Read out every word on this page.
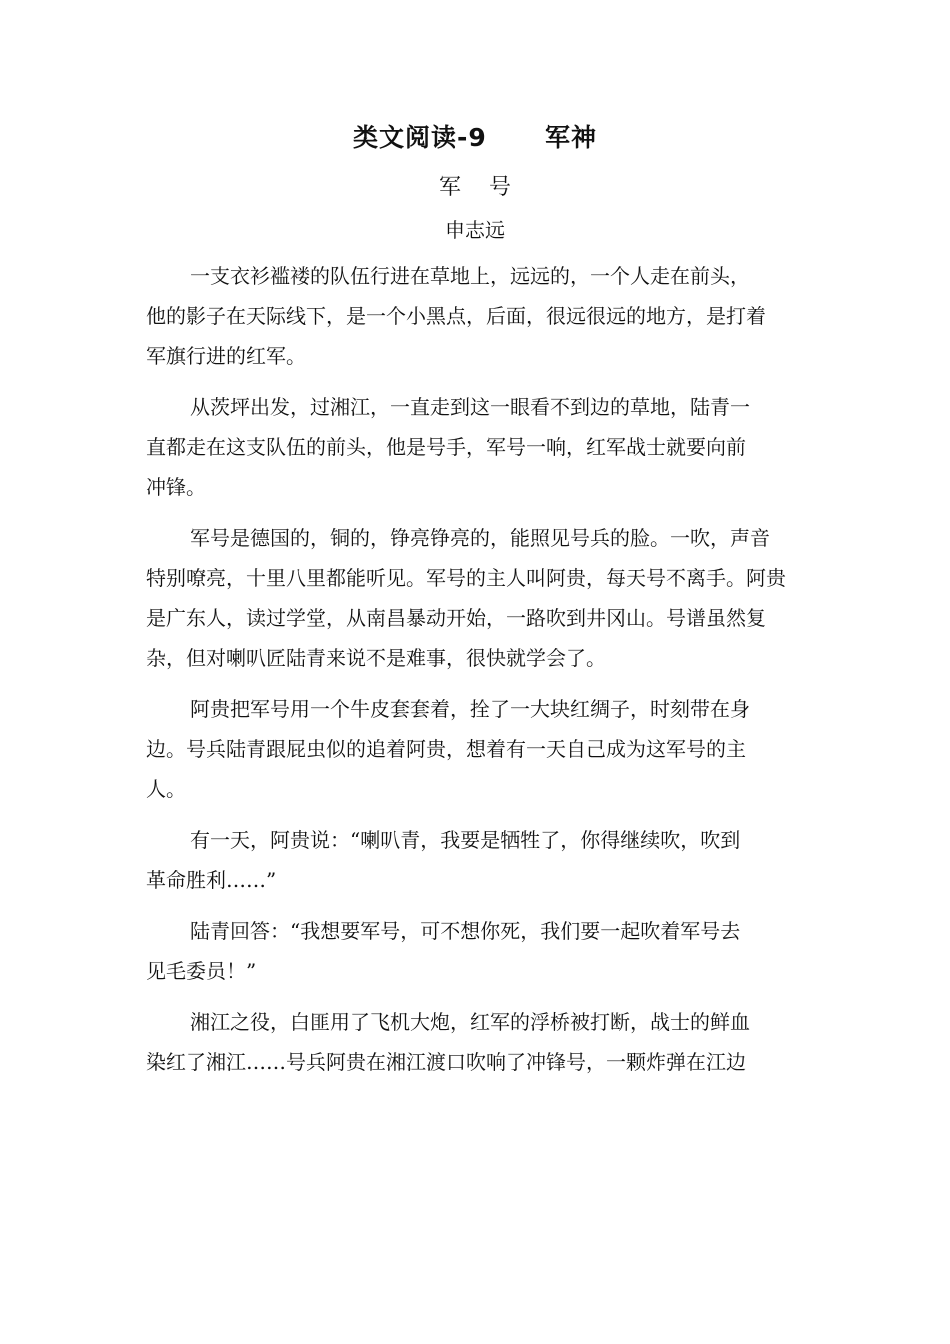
类文阅读-9      军神
军    号
申志远

一支衣衫褴褛的队伍行进在草地上，远远的，一个人走在前头，
他的影子在天际线下，是一个小黑点，后面，很远很远的地方，是打着
军旗行进的红军。

从茨坪出发，过湘江，一直走到这一眼看不到边的草地，陆青一
直都走在这支队伍的前头，他是号手，军号一响，红军战士就要向前
冲锋。

军号是德国的，铜的，铮亮铮亮的，能照见号兵的脸。一吹，声音
特别嘹亮，十里八里都能听见。军号的主人叫阿贵，每天号不离手。阿贵
是广东人，读过学堂，从南昌暴动开始，一路吹到井冈山。号谱虽然复
杂，但对喇叭匠陆青来说不是难事，很快就学会了。

阿贵把军号用一个牛皮套套着，拴了一大块红绸子，时刻带在身
边。号兵陆青跟屁虫似的追着阿贵，想着有一天自己成为这军号的主
人。

有一天，阿贵说：“喇叭青，我要是牺牲了，你得继续吹，吹到
革命胜利……”

陆青回答：“我想要军号，可不想你死，我们要一起吹着军号去
见毛委员！”

湘江之役，白匪用了飞机大炮，红军的浮桥被打断，战士的鲜血
染红了湘江……号兵阿贵在湘江渡口吹响了冲锋号，一颗炸弹在江边
